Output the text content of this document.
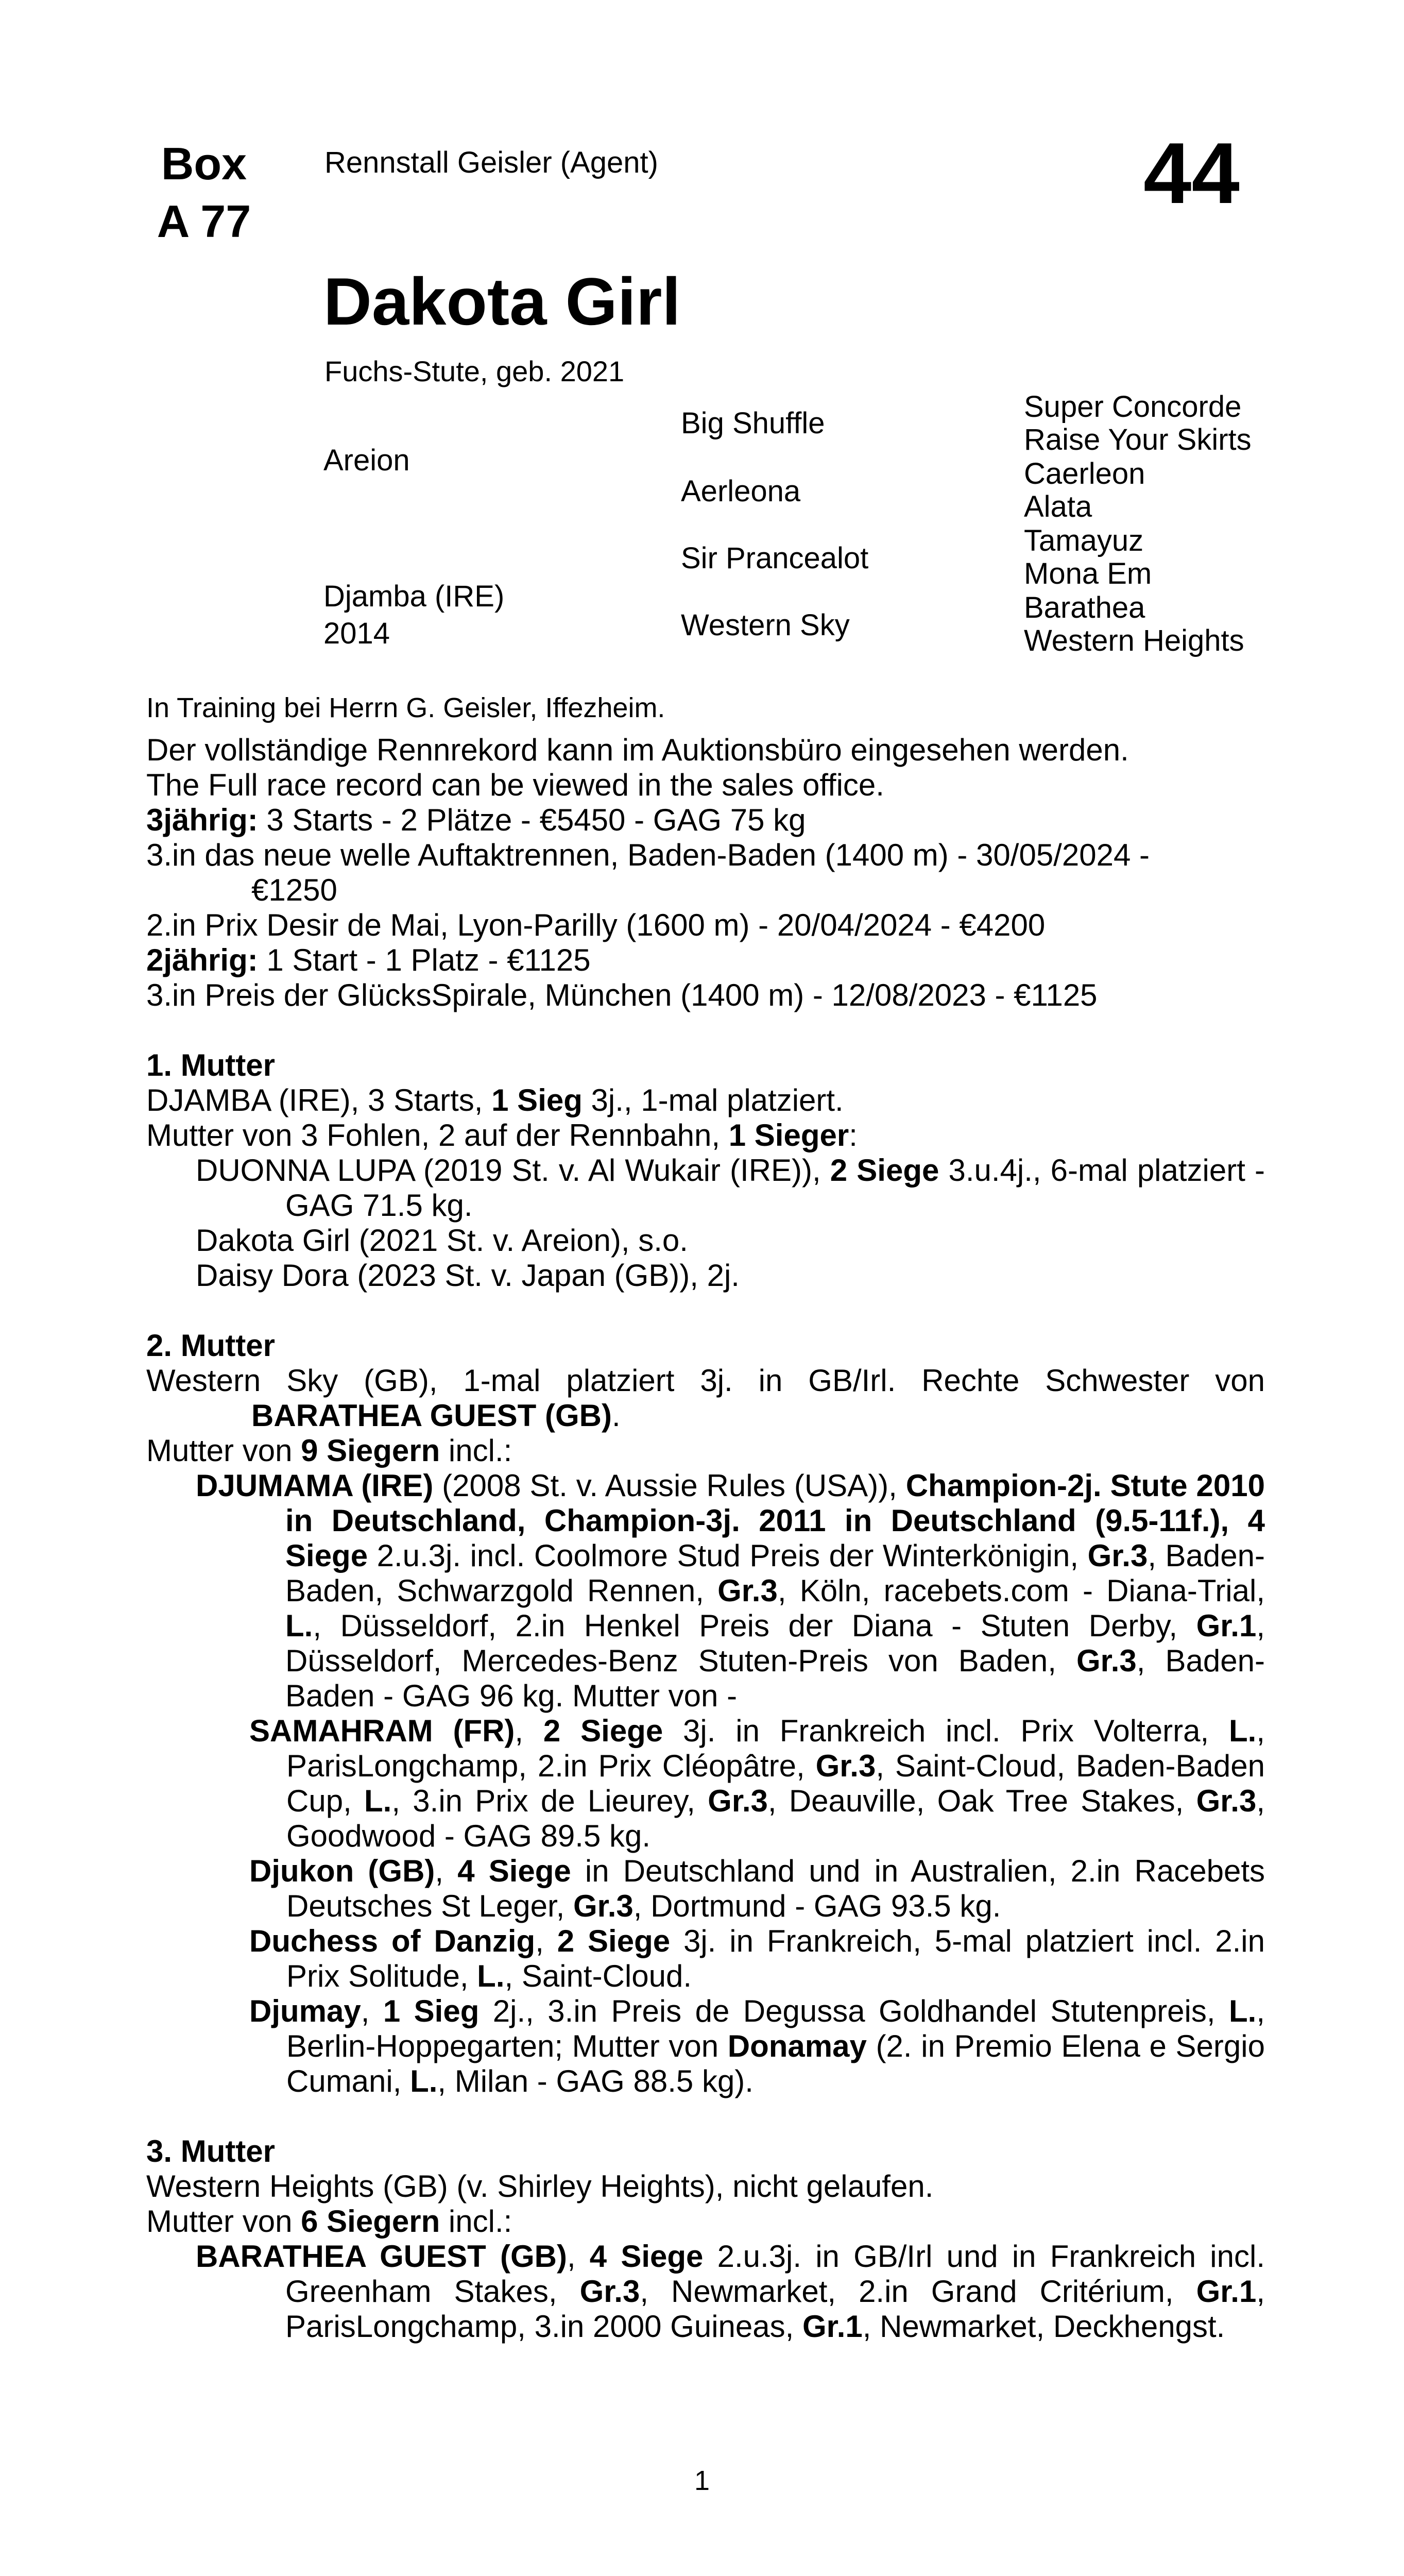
Box
A 77
Rennstall Geisler (Agent)	44
Dakota Girl
Fuchs-Stute, geb. 2021
Areion
Djamba (IRE)
2014
Big Shuffle
Aerleona
Sir Prancealot
Western Sky
Super Concorde
Raise Your Skirts
Caerleon
Alata
Tamayuz
Mona Em
Barathea
Western Heights

In Training bei Herrn G. Geisler, Iffezheim.

Der vollständige Rennrekord kann im Auktionsbüro eingesehen werden.

The Full race record can be viewed in the sales office.

3jährig: 3 Starts - 2 Plätze - €5450 - GAG 75 kg

3.in das neue welle Auftaktrennen, Baden-Baden (1400 m) - 30/05/2024 -

€1250

2.in Prix Desir de Mai, Lyon-Parilly (1600 m) - 20/04/2024 - €4200

2jährig: 1 Start - 1 Platz - €1125

3.in Preis der GlücksSpirale, München (1400 m) - 12/08/2023 - €1125

1. Mutter

DJAMBA (IRE), 3 Starts, 1 Sieg 3j., 1-mal platziert.

Mutter von 3 Fohlen, 2 auf der Rennbahn, 1 Sieger:

DUONNA LUPA (2019 St. v. Al Wukair (IRE)), 2 Siege 3.u.4j., 6-mal platziert - GAG 71.5 kg.

Dakota Girl (2021 St. v. Areion), s.o.

Daisy Dora (2023 St. v. Japan (GB)), 2j.

2. Mutter

Western Sky (GB), 1-mal platziert 3j. in GB/Irl. Rechte Schwester von

BARATHEA GUEST (GB).

Mutter von 9 Siegern incl.:

DJUMAMA (IRE) (2008 St. v. Aussie Rules (USA)), Champion-2j. Stute 2010 in Deutschland, Champion-3j. 2011 in Deutschland (9.5-11f.), 4 Siege 2.u.3j. incl. Coolmore Stud Preis der Winterkönigin, Gr.3, Baden-Baden, Schwarzgold Rennen, Gr.3, Köln, racebets.com - Diana-Trial, L., Düsseldorf, 2.in Henkel Preis der Diana - Stuten Derby, Gr.1, Düsseldorf, Mercedes-Benz Stuten-Preis von Baden, Gr.3, Baden-Baden - GAG 96 kg. Mutter von -

SAMAHRAM (FR), 2 Siege 3j. in Frankreich incl. Prix Volterra, L., ParisLongchamp, 2.in Prix Cléopâtre, Gr.3, Saint-Cloud, Baden-Baden Cup, L., 3.in Prix de Lieurey, Gr.3, Deauville, Oak Tree Stakes, Gr.3, Goodwood - GAG 89.5 kg.

Djukon (GB), 4 Siege in Deutschland und in Australien, 2.in Racebets Deutsches St Leger, Gr.3, Dortmund - GAG 93.5 kg.

Duchess of Danzig, 2 Siege 3j. in Frankreich, 5-mal platziert incl. 2.in Prix Solitude, L., Saint-Cloud.

Djumay, 1 Sieg 2j., 3.in Preis de Degussa Goldhandel Stutenpreis, L., Berlin-Hoppegarten; Mutter von Donamay (2. in Premio Elena e Sergio Cumani, L., Milan - GAG 88.5 kg).

3. Mutter

Western Heights (GB) (v. Shirley Heights), nicht gelaufen.

Mutter von 6 Siegern incl.:

BARATHEA GUEST (GB), 4 Siege 2.u.3j. in GB/Irl und in Frankreich incl. Greenham Stakes, Gr.3, Newmarket, 2.in Grand Critérium, Gr.1, ParisLongchamp, 3.in 2000 Guineas, Gr.1, Newmarket, Deckhengst.

1
